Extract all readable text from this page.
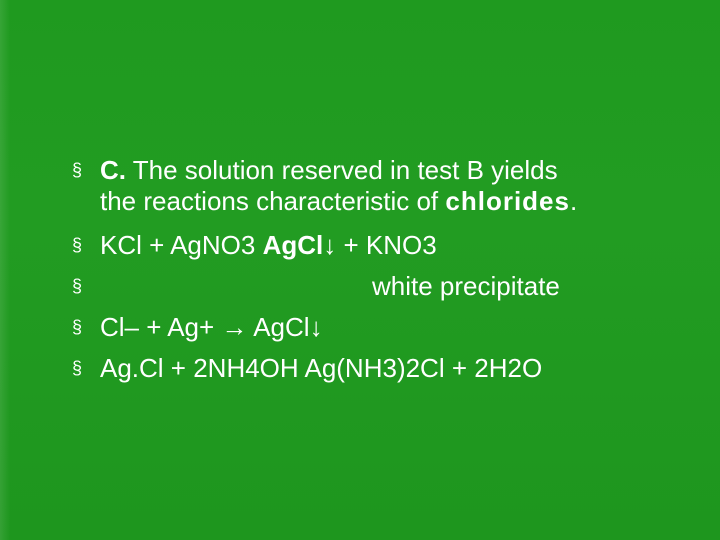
§ C. The solution reserved in test B yields
the reactions characteristic of chlorides.
§ KCl + AgNO3 AgCl↓ + KNO3
§	white precipitate
§ Cl– + Ag+ → AgCl↓
§ Ag.Cl + 2NH4OH Ag(NH3)2Cl + 2H2O
